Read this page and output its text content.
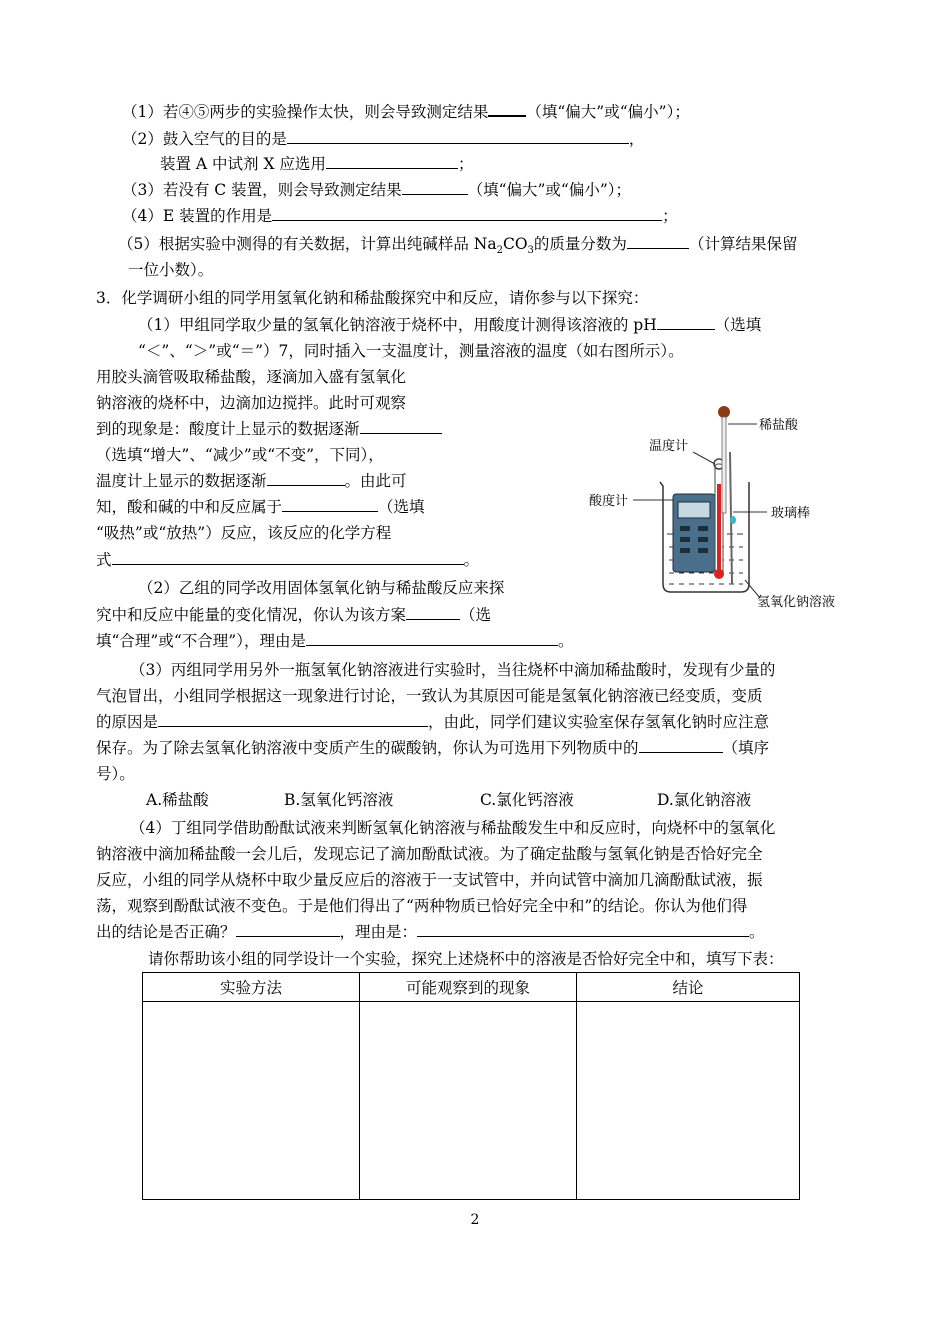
（1）若④⑤两步的实验操作太快，则会导致测定结果 （填“偏大”或“偏小”）；
（2）鼓入空气的目的是	，
装置 A 中试剂 X 应选用	；
（3）若没有 C 装置，则会导致测定结果	（填“偏大”或“偏小”）；
（4）E 装置的作用是	；
（5）根据实验中测得的有关数据，计算出纯碱样品 $Na_2CO_3$的质量分数为	（计算结果保留
一位小数）。
3．化学调研小组的同学用氢氧化钠和稀盐酸探究中和反应，请你参与以下探究：
（1）甲组同学取少量的氢氧化钠溶液于烧杯中，用酸度计测得该溶液的 pH	（选填
“＜”、“＞”或“＝”）7，同时插入一支温度计，测量溶液的温度（如右图所示）。
用胶头滴管吸取稀盐酸，逐滴加入盛有氢氧化
钠溶液的烧杯中，边滴加边搅拌。此时可观察
到的现象是：酸度计上显示的数据逐渐
（选填“增大”、“减少”或“不变”，下同），
温度计上显示的数据逐渐	。由此可
知，酸和碱的中和反应属于	（选填
“吸热”或“放热”）反应，该反应的化学方程
式	。
（2）乙组的同学改用固体氢氧化钠与稀盐酸反应来探
究中和反应中能量的变化情况，你认为该方案	（选
填“合理”或“不合理”），理由是	。
（3）丙组同学用另外一瓶氢氧化钠溶液进行实验时，当往烧杯中滴加稀盐酸时，发现有少量的
气泡冒出，小组同学根据这一现象进行讨论，一致认为其原因可能是氢氧化钠溶液已经变质，变质
的原因是	，由此，同学们建议实验室保存氢氧化钠时应注意
保存。为了除去氢氧化钠溶液中变质产生的碳酸钠，你认为可选用下列物质中的	（填序
号）。
A.稀盐酸	B.氢氧化钙溶液	C.氯化钙溶液	D.氯化钠溶液
（4）丁组同学借助酚酞试液来判断氢氧化钠溶液与稀盐酸发生中和反应时，向烧杯中的氢氧化
钠溶液中滴加稀盐酸一会儿后，发现忘记了滴加酚酞试液。为了确定盐酸与氢氧化钠是否恰好完全
反应，小组的同学从烧杯中取少量反应后的溶液于一支试管中，并向试管中滴加几滴酚酞试液，振
荡，观察到酚酞试液不变色。于是他们得出了“两种物质已恰好完全中和”的结论。你认为他们得
出的结论是否正确？	，理由是：	。
请你帮助该小组的同学设计一个实验，探究上述烧杯中的溶液是否恰好完全中和，填写下表：
实验方法	可能观察到的现象	结论

稀盐酸
温度计
酸度计
玻璃棒
氢氧化钠溶液
2
